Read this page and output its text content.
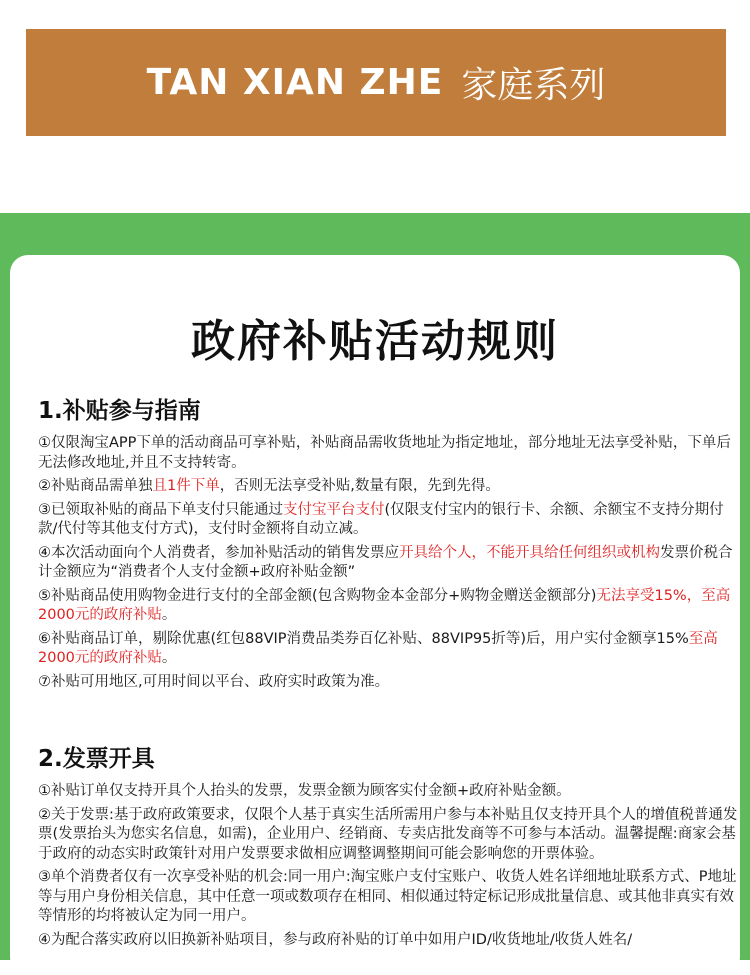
TAN XIAN ZHE 家庭系列
政府补贴活动规则
1.补贴参与指南
①仅限淘宝APP下单的活动商品可享补贴，补贴商品需收货地址为指定地址，部分地址无法享受补贴，下单后无法修改地址,并且不支持转寄。
②补贴商品需单独且1件下单，否则无法享受补贴,数量有限，先到先得。
③已领取补贴的商品下单支付只能通过支付宝平台支付(仅限支付宝内的银行卡、余额、余额宝不支持分期付款/代付等其他支付方式)，支付时金额将自动立减。
④本次活动面向个人消费者，参加补贴活动的销售发票应开具给个人，不能开具给任何组织或机构发票价税合计金额应为“消费者个人支付金额+政府补贴金额”
⑤补贴商品使用购物金进行支付的全部金额(包含购物金本金部分+购物金赠送金额部分)无法享受15%，至高2000元的政府补贴。
⑥补贴商品订单，剔除优惠(红包88VIP消费品类券百亿补贴、88VIP95折等)后，用户实付金额享15%至高2000元的政府补贴。
⑦补贴可用地区,可用时间以平台、政府实时政策为准。
2.发票开具
①补贴订单仅支持开具个人抬头的发票，发票金额为顾客实付金额+政府补贴金额。
②关于发票:基于政府政策要求，仅限个人基于真实生活所需用户参与本补贴且仅支持开具个人的增值税普通发票(发票抬头为您实名信息，如需)，企业用户、经销商、专卖店批发商等不可参与本活动。温馨提醒:商家会基于政府的动态实时政策针对用户发票要求做相应调整调整期间可能会影响您的开票体验。
③单个消费者仅有一次享受补贴的机会:同一用户:淘宝账户支付宝账户、收货人姓名详细地址联系方式、P地址等与用户身份相关信息，其中任意一项或数项存在相同、相似通过特定标记形成批量信息、或其他非真实有效等情形的均将被认定为同一用户。
④为配合落实政府以旧换新补贴项目，参与政府补贴的订单中如用户ID/收货地址/收货人姓名/
